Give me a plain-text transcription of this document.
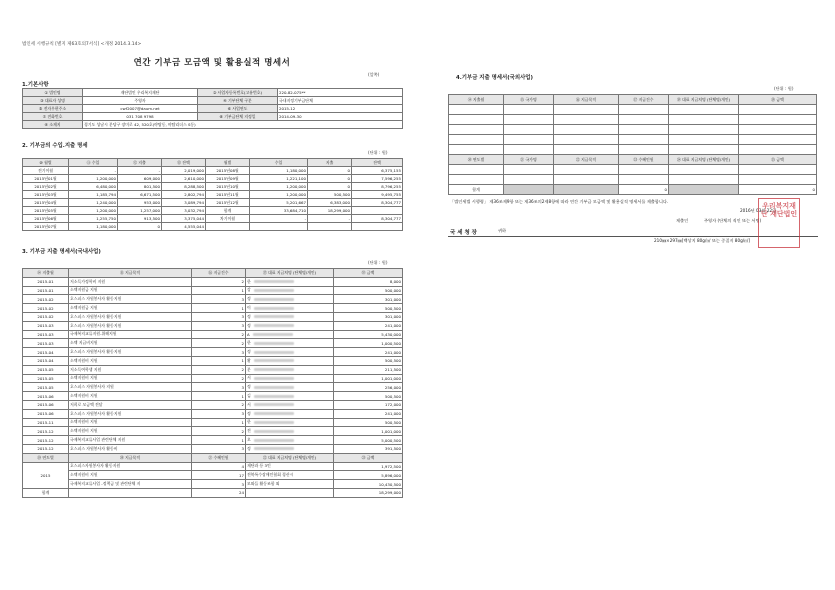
법인세 시행규칙 [별지 제63호의7서식] <개정 2014.3.14>
연간 기부금 모금액 및 활용실적 명세서
(앞쪽)
1.기본사항
① 법인명	재단법인 우리복지재단	② 사업자등록번호(고유번호)	220-82-075**
③ 대표자 성명	주영자	④ 기부단체 구분	국내지정기부금단체
⑤ 전자우편주소	cwf2007@daum.net	⑥ 사업연도	2015-12
⑦ 전화번호	031 708 9798	⑧ 기부금단체 지정일	2014-09-30
⑨ 소재지	경기도 성남시 분당구 장미로 42, 520호(야탑동, 야탑리더스 S동)		
2. 기부금의 수입.지출 명세
(단위 : 원)
⑩ 월별	⑪ 수입	⑫ 지출	⑬ 잔액	월별	수입	지출	잔액
전기이월	-	-	2,019,000	2015년08월	1,180,000	0	6,375,155
2015년01월	1,200,000	609,000	2,610,000	2015년09월	1,221,100	0	7,596,255
2015년02월	6,480,000	801,500	8,288,500	2015년10월	1,200,000	0	8,796,255
2015년03월	1,185,794	6,671,500	2,802,794	2015년11월	1,200,000	500,500	9,495,755
2015년04월	1,240,000	953,000	3,089,794	2015년12월	5,201,667	6,383,000	8,304,777
2015년05월	1,200,000	1,257,000	3,032,794	합계	33,684,710	18,299,000	
2015년06월	1,255,750	913,500	3,375,044	차기이월	-	-	8,304,777
2015년07월	1,180,000	0	4,555,044				
3. 기부금 지출 명세서(국내사업)
(단위 : 원)
⑭ 지출월	⑮ 지급목적	⑯ 지급건수	⑰ 대표 지급처명 (단체명/개인)	⑱ 금액
2015-01	저소득가정학비 지원	2	한	8,000
2015-01	소액지원금 지원	1	강	500,000
2015-02	호스피스 자원봉사자 활동지원	3	정	301,000
2015-02	소액지원금 지원	1	이	500,500
2015-02	호스피스 자원봉사자 활동지원	3	정	301,000
2015-03	호스피스 자원봉사자 활동지원	3	정	241,000
2015-03	국제복지교류지원-위해지원	2	A	5,430,000
2015-03	소액 지급비지원	2	한	1,000,500
2015-04	호스피스 자원봉사자 활동지원	3	정	241,000
2015-04	소액지원비 지원	1	황	500,500
2015-05	저소득여학생 지원	2	분	211,500
2015-05	소액지원비 지원	2	서	1,001,000
2015-05	호스피스 자원봉사자 지원	3	정	256,000
2015-06	소액지원비 지원	1	김	500,500
2015-06	저희로 모금액 전달	2	서	172,000
2015-06	호스피스 자원봉사자 활동지원	3	정	241,000
2015-11	소액지원비 지원	1	한	500,500
2015-12	소액지원비 지원	2	전	1,001,000
2015-12	국제복지교류사업 관련단체 지원	1	오	5,000,500
2015-12	호스피스 자원봉사자 활동비	3	정	391,500
⑲ 연도별	⑳ 지급목적	㉑ 수혜인원	㉒ 대표 지급처명 (단체명/개인)	㉓ 금액
2015	호스피스자원봉사자 활동지원	4	재단과 등 3인	1,972,500
	소액지원비 지원	17	전북특수장애인협회 경산시	5,896,000
	국제복지교류사업 -정책금 및 관련단체 지	3	모와들 활동조합 외	10,430,500
합계		24		18,299,000
4.기부금 지출 명세서(국외사업)
(단위 : 원)
⑭ 지출월	⑮ 국가명	⑯ 지급목적	⑰ 지급건수	⑱ 대표 지급처명 (단체명/개인)	⑲ 금액

⑳ 연도별	㉑ 국가명	㉒ 지급목적	㉓ 수혜인원	㉔ 대표 지급처명 (단체명/개인)	㉕ 금액

합계			0		0
「법인세법 시행령」 제36조제9항 또는 제36조의2제8항에 따라 연간 기부금 모금액 및 활용실적 명세서를 제출합니다.
2016년 03월 22일
주영자 (단체의 직인 또는 서명)
제출인
국 세 청 장	귀하
210㎜×297㎜[백상지 80g/㎡ 또는 중질지 80g/㎡]
우리복지재단 재단법인
